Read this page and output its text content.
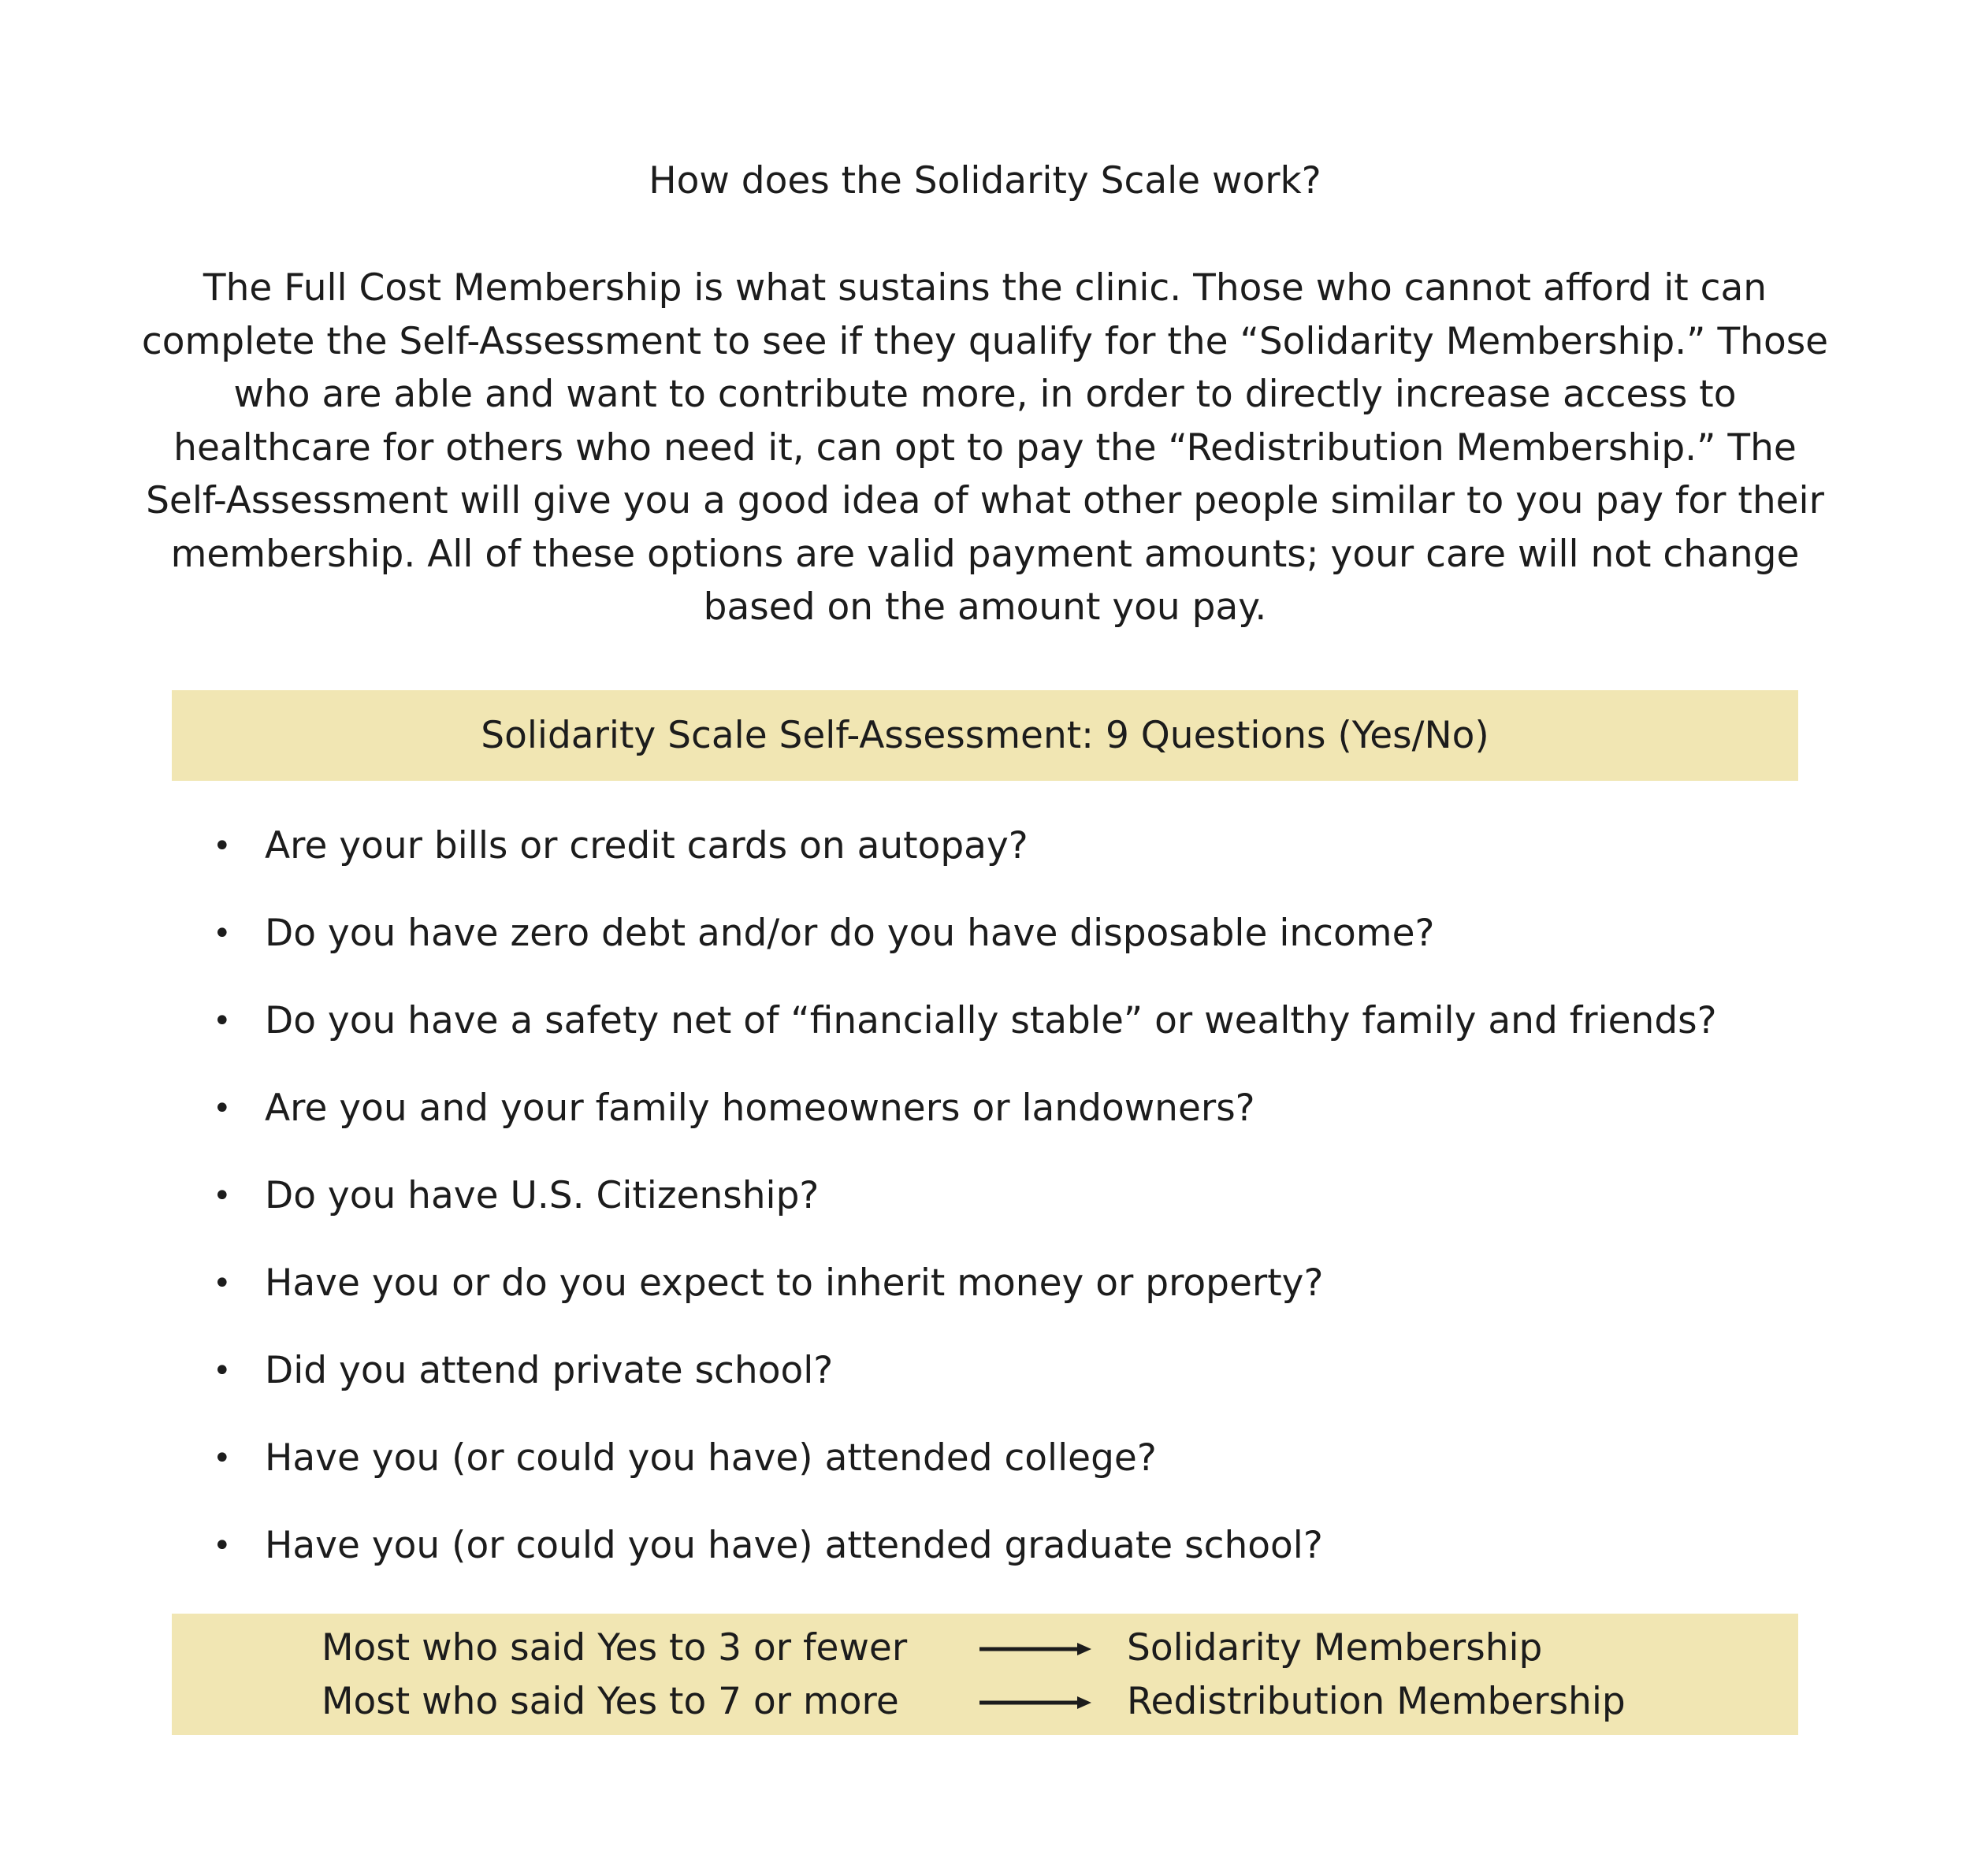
How does the Solidarity Scale work?

The Full Cost Membership is what sustains the clinic. Those who cannot afford it can complete the Self-Assessment to see if they qualify for the “Solidarity Membership.” Those who are able and want to contribute more, in order to directly increase access to healthcare for others who need it, can opt to pay the “Redistribution Membership.” The Self-Assessment will give you a good idea of what other people similar to you pay for their membership. All of these options are valid payment amounts; your care will not change based on the amount you pay.

Solidarity Scale Self-Assessment: 9 Questions (Yes/No)
• Are your bills or credit cards on autopay?
• Do you have zero debt and/or do you have disposable income?
• Do you have a safety net of “financially stable” or wealthy family and friends?
• Are you and your family homeowners or landowners?
• Do you have U.S. Citizenship?
• Have you or do you expect to inherit money or property?
• Did you attend private school?
• Have you (or could you have) attended college?
• Have you (or could you have) attended graduate school?
Most who said Yes to 3 or fewer	Solidarity Membership
Most who said Yes to 7 or more	Redistribution Membership
